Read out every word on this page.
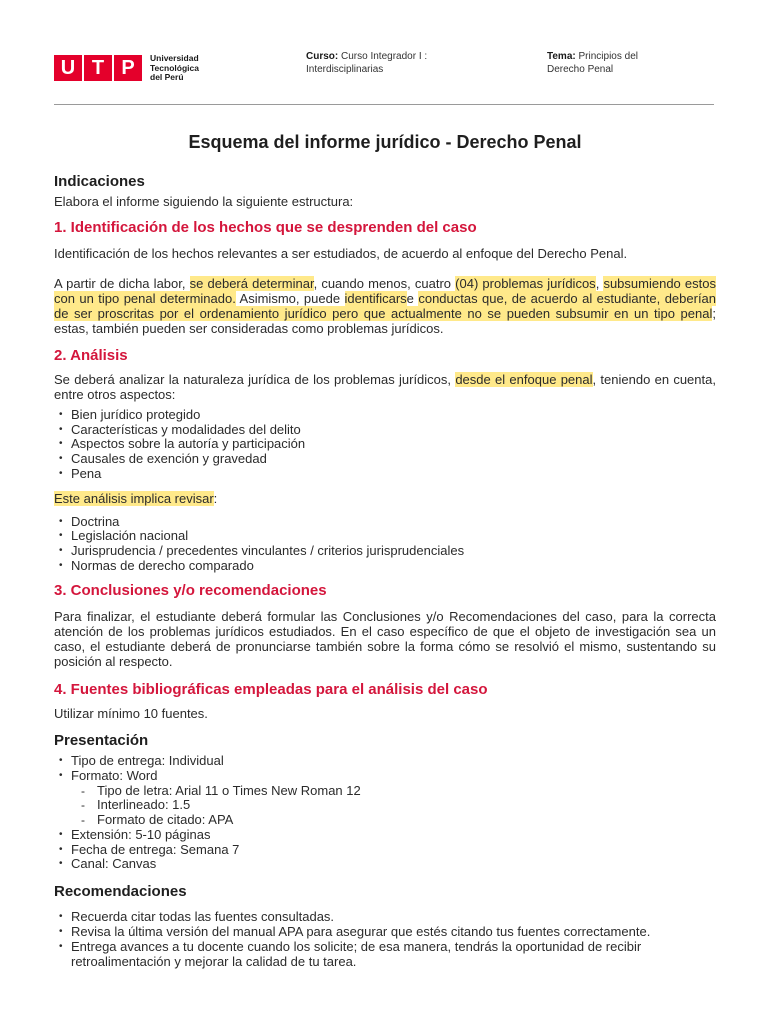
U T P	Universidad
Tecnológica
del Perú
Curso: Curso Integrador I : Interdisciplinarias
Tema: Principios del Derecho Penal
Esquema del informe jurídico - Derecho Penal
Indicaciones

Elabora el informe siguiendo la siguiente estructura:

1. Identificación de los hechos que se desprenden del caso

Identificación de los hechos relevantes a ser estudiados, de acuerdo al enfoque del Derecho Penal.

A partir de dicha labor, se deberá determinar, cuando menos, cuatro (04) problemas jurídicos, subsumiendo estos con un tipo penal determinado. Asimismo, puede identificarse conductas que, de acuerdo al estudiante, deberían de ser proscritas por el ordenamiento jurídico pero que actualmente no se pueden subsumir en un tipo penal; estas, también pueden ser consideradas como problemas jurídicos.

2. Análisis

Se deberá analizar la naturaleza jurídica de los problemas jurídicos, desde el enfoque penal, teniendo en cuenta, entre otros aspectos:

• Bien jurídico protegido
• Características y modalidades del delito
• Aspectos sobre la autoría y participación
• Causales de exención y gravedad
• Pena

Este análisis implica revisar:

• Doctrina
• Legislación nacional
• Jurisprudencia / precedentes vinculantes / criterios jurisprudenciales
• Normas de derecho comparado
3. Conclusiones y/o recomendaciones

Para finalizar, el estudiante deberá formular las Conclusiones y/o Recomendaciones del caso, para la correcta atención de los problemas jurídicos estudiados. En el caso específico de que el objeto de investigación sea un caso, el estudiante deberá de pronunciarse también sobre la forma cómo se resolvió el mismo, sustentando su posición al respecto.

4. Fuentes bibliográficas empleadas para el análisis del caso

Utilizar mínimo 10 fuentes.

Presentación
• Tipo de entrega: Individual
• Formato: Word
- Tipo de letra: Arial 11 o Times New Roman 12
- Interlineado: 1.5
- Formato de citado: APA
• Extensión: 5-10 páginas
• Fecha de entrega: Semana 7
• Canal: Canvas
Recomendaciones
• Recuerda citar todas las fuentes consultadas.
• Revisa la última versión del manual APA para asegurar que estés citando tus fuentes correctamente.
• Entrega avances a tu docente cuando los solicite; de esa manera, tendrás la oportunidad de recibir retroalimentación y mejorar la calidad de tu tarea.
